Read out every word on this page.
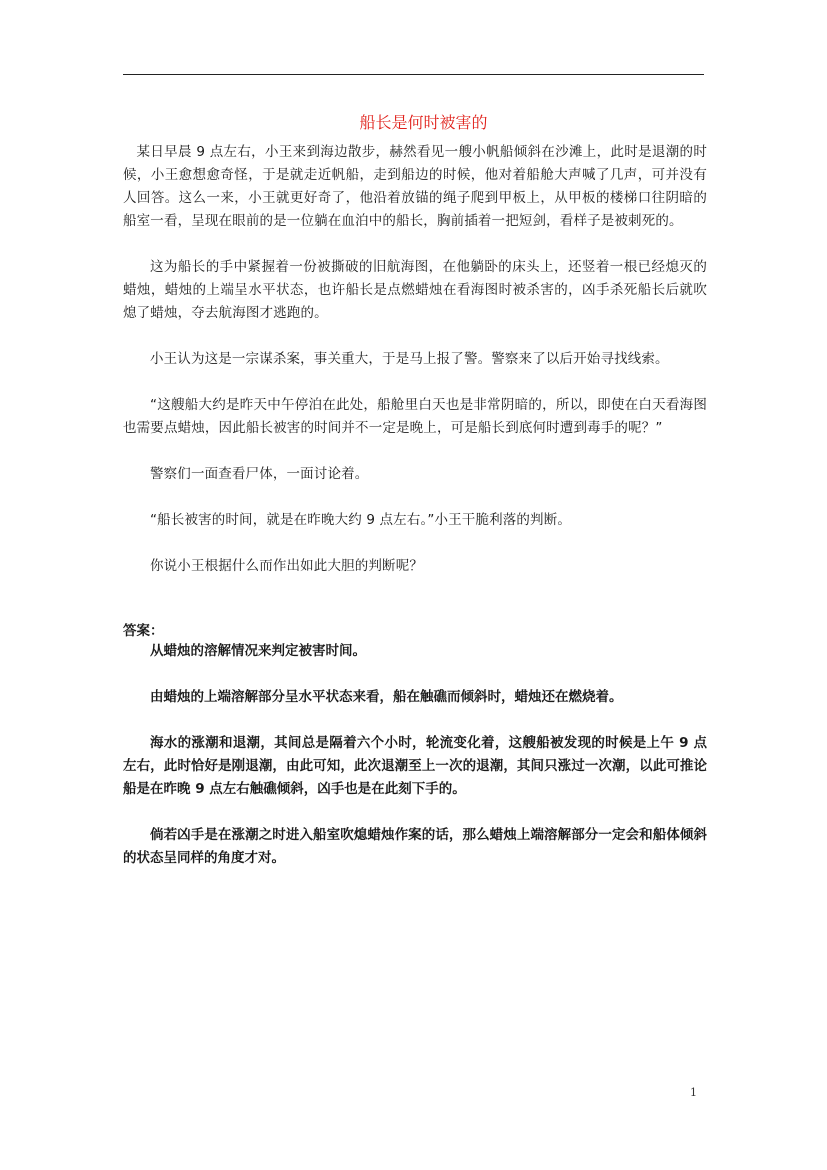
船长是何时被害的

某日早晨 9 点左右，小王来到海边散步，赫然看见一艘小帆船倾斜在沙滩上，此时是退潮的时候，小王愈想愈奇怪，于是就走近帆船，走到船边的时候，他对着船舱大声喊了几声，可并没有人回答。这么一来，小王就更好奇了，他沿着放锚的绳子爬到甲板上，从甲板的楼梯口往阴暗的船室一看，呈现在眼前的是一位躺在血泊中的船长，胸前插着一把短剑，看样子是被刺死的。

这为船长的手中紧握着一份被撕破的旧航海图，在他躺卧的床头上，还竖着一根已经熄灭的蜡烛，蜡烛的上端呈水平状态，也许船长是点燃蜡烛在看海图时被杀害的，凶手杀死船长后就吹熄了蜡烛，夺去航海图才逃跑的。

小王认为这是一宗谋杀案，事关重大，于是马上报了警。警察来了以后开始寻找线索。

“这艘船大约是昨天中午停泊在此处，船舱里白天也是非常阴暗的，所以，即使在白天看海图也需要点蜡烛，因此船长被害的时间并不一定是晚上，可是船长到底何时遭到毒手的呢？”

警察们一面查看尸体，一面讨论着。

“船长被害的时间，就是在昨晚大约 9 点左右。”小王干脆利落的判断。

你说小王根据什么而作出如此大胆的判断呢？

答案：

从蜡烛的溶解情况来判定被害时间。

由蜡烛的上端溶解部分呈水平状态来看，船在触礁而倾斜时，蜡烛还在燃烧着。

海水的涨潮和退潮，其间总是隔着六个小时，轮流变化着，这艘船被发现的时候是上午 9 点左右，此时恰好是刚退潮，由此可知，此次退潮至上一次的退潮，其间只涨过一次潮，以此可推论船是在昨晚 9 点左右触礁倾斜，凶手也是在此刻下手的。

倘若凶手是在涨潮之时进入船室吹熄蜡烛作案的话，那么蜡烛上端溶解部分一定会和船体倾斜的状态呈同样的角度才对。

1
